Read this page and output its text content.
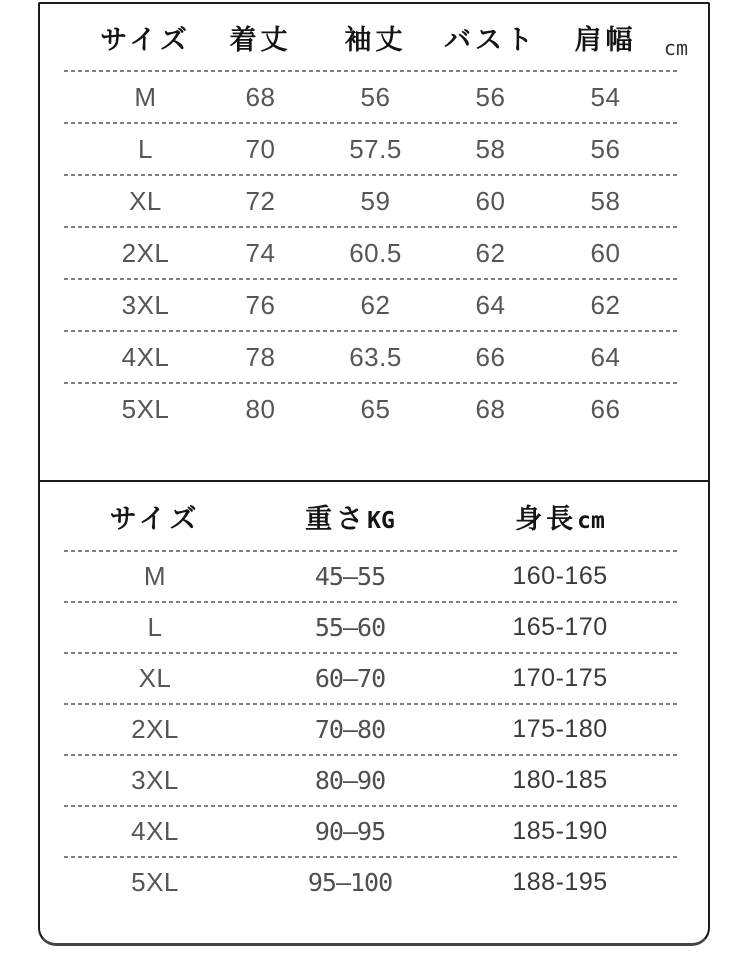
サイズ	着丈	袖丈	バスト	肩幅	cm
M	68	56	56	54
L	70	57.5	58	56
XL	72	59	60	58
2XL	74	60.5	62	60
3XL	76	62	64	62
4XL	78	63.5	66	64
5XL	80	65	68	66
サイズ	重さKG	身長cm
M	45–55	160-165
L	55–60	165-170
XL	60–70	170-175
2XL	70–80	175-180
3XL	80–90	180-185
4XL	90–95	185-190
5XL	95–100	188-195
